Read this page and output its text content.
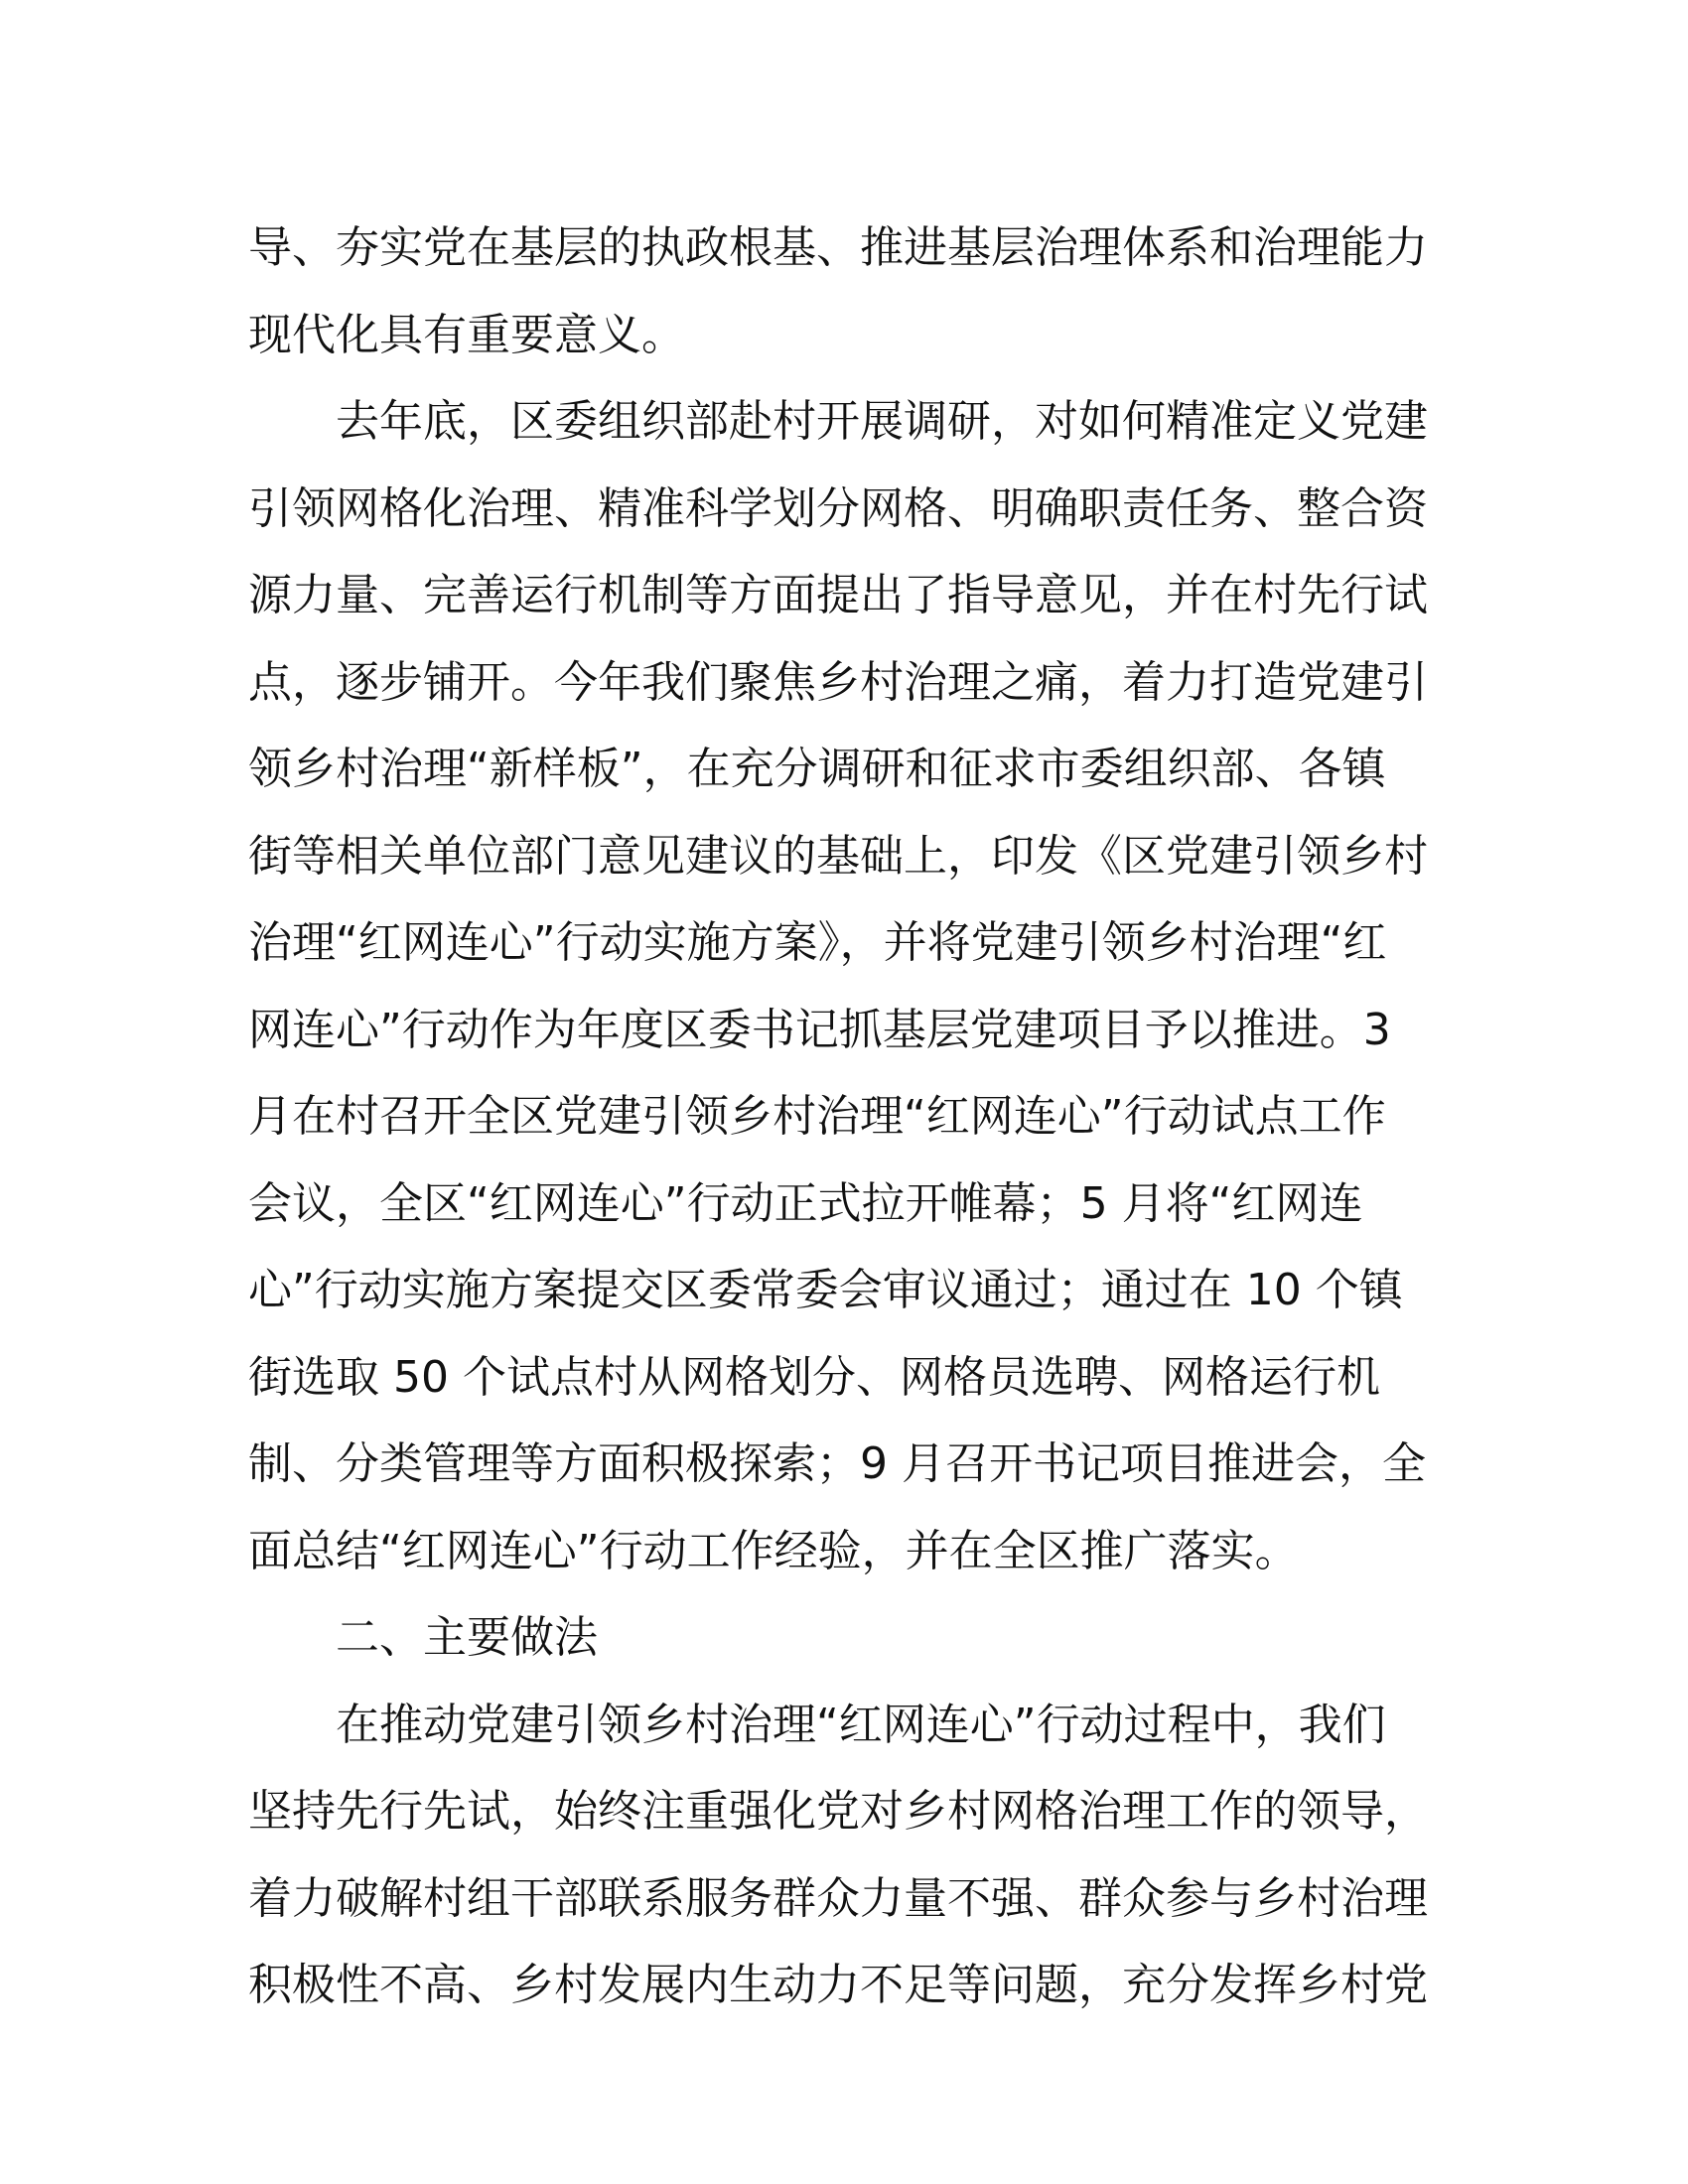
导、夯实党在基层的执政根基、推进基层治理体系和治理能力
现代化具有重要意义。
去年底，区委组织部赴村开展调研，对如何精准定义党建
引领网格化治理、精准科学划分网格、明确职责任务、整合资
源力量、完善运行机制等方面提出了指导意见，并在村先行试
点，逐步铺开。今年我们聚焦乡村治理之痛，着力打造党建引
领乡村治理“新样板”，在充分调研和征求市委组织部、各镇
街等相关单位部门意见建议的基础上，印发《区党建引领乡村
治理“红网连心”行动实施方案》，并将党建引领乡村治理“红
网连心”行动作为年度区委书记抓基层党建项目予以推进。3
月在村召开全区党建引领乡村治理“红网连心”行动试点工作
会议，全区“红网连心”行动正式拉开帷幕；5 月将“红网连
心”行动实施方案提交区委常委会审议通过；通过在 10 个镇
街选取 50 个试点村从网格划分、网格员选聘、网格运行机
制、分类管理等方面积极探索；9 月召开书记项目推进会，全
面总结“红网连心”行动工作经验，并在全区推广落实。
二、主要做法
在推动党建引领乡村治理“红网连心”行动过程中，我们
坚持先行先试，始终注重强化党对乡村网格治理工作的领导，
着力破解村组干部联系服务群众力量不强、群众参与乡村治理
积极性不高、乡村发展内生动力不足等问题，充分发挥乡村党
